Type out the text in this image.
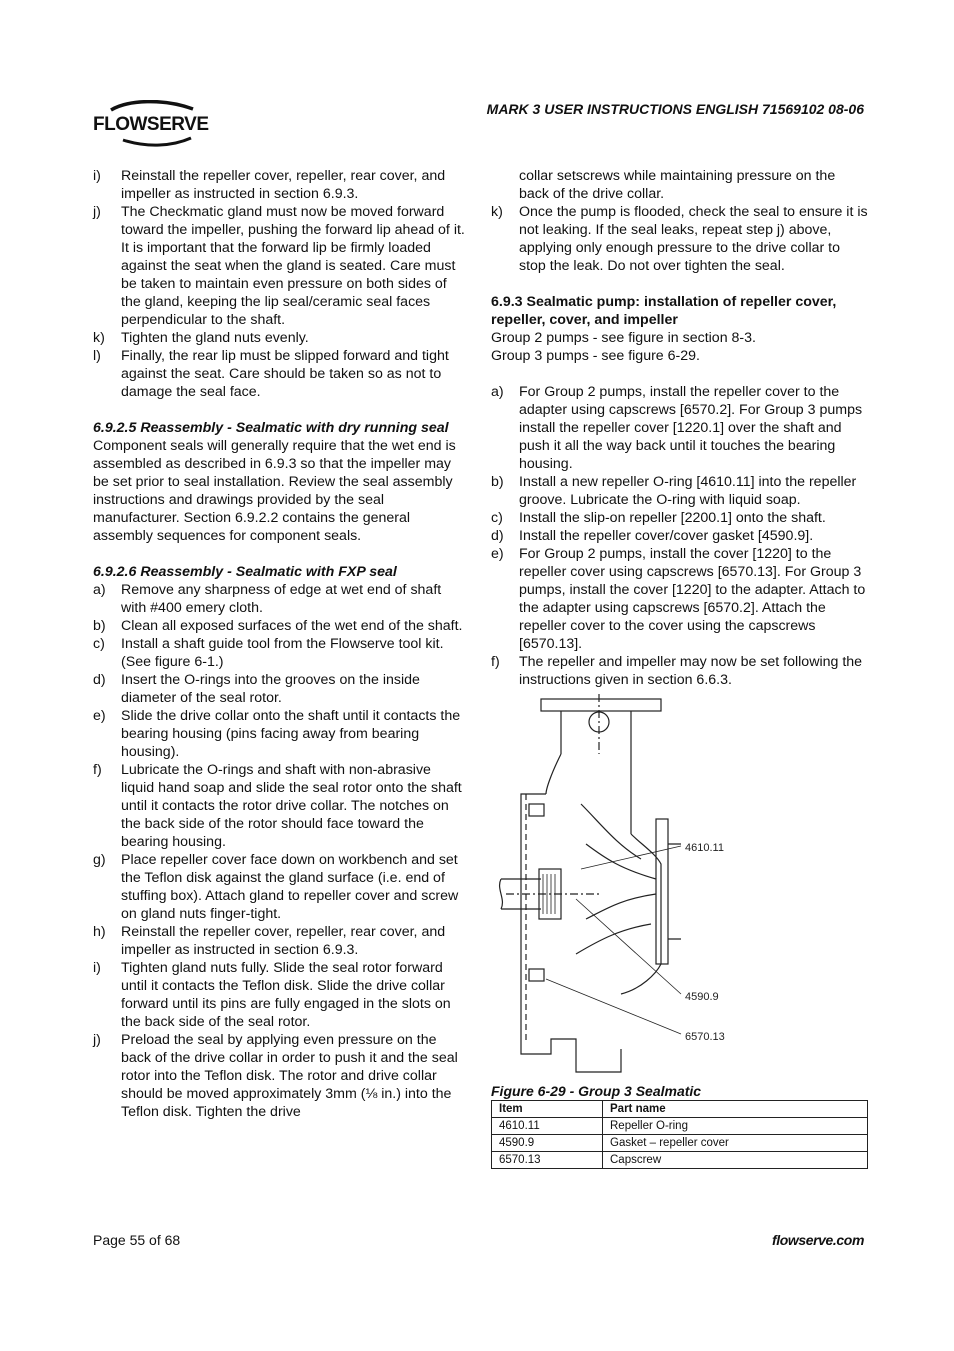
FLOWSERVE
MARK 3 USER INSTRUCTIONS ENGLISH 71569102 08-06
i) Reinstall the repeller cover, repeller, rear cover, and impeller as instructed in section 6.9.3.
j) The Checkmatic gland must now be moved forward toward the impeller, pushing the forward lip ahead of it. It is important that the forward lip be firmly loaded against the seat when the gland is seated. Care must be taken to maintain even pressure on both sides of the gland, keeping the lip seal/ceramic seal faces perpendicular to the shaft.
k) Tighten the gland nuts evenly.
l) Finally, the rear lip must be slipped forward and tight against the seat. Care should be taken so as not to damage the seal face.
6.9.2.5 Reassembly - Sealmatic with dry running seal

Component seals will generally require that the wet end is assembled as described in 6.9.3 so that the impeller may be set prior to seal installation. Review the seal assembly instructions and drawings provided by the seal manufacturer. Section 6.9.2.2 contains the general assembly sequences for component seals.

6.9.2.6 Reassembly - Sealmatic with FXP seal
a) Remove any sharpness of edge at wet end of shaft with #400 emery cloth.
b) Clean all exposed surfaces of the wet end of the shaft.
c) Install a shaft guide tool from the Flowserve tool kit. (See figure 6-1.)
d) Insert the O-rings into the grooves on the inside diameter of the seal rotor.
e) Slide the drive collar onto the shaft until it contacts the bearing housing (pins facing away from bearing housing).
f) Lubricate the O-rings and shaft with non-abrasive liquid hand soap and slide the seal rotor onto the shaft until it contacts the rotor drive collar. The notches on the back side of the rotor should face toward the bearing housing.
g) Place repeller cover face down on workbench and set the Teflon disk against the gland surface (i.e. end of stuffing box). Attach gland to repeller cover and screw on gland nuts finger-tight.
h) Reinstall the repeller cover, repeller, rear cover, and impeller as instructed in section 6.9.3.
i) Tighten gland nuts fully. Slide the seal rotor forward until it contacts the Teflon disk. Slide the drive collar forward until its pins are fully engaged in the slots on the back side of the seal rotor.
j) Preload the seal by applying even pressure on the back of the drive collar in order to push it and the seal rotor into the Teflon disk. The rotor and drive collar should be moved approximately 3mm (⅛ in.) into the Teflon disk. Tighten the drive
collar setscrews while maintaining pressure on the back of the drive collar.
k) Once the pump is flooded, check the seal to ensure it is not leaking. If the seal leaks, repeat step j) above, applying only enough pressure to the drive collar to stop the leak. Do not over tighten the seal.
6.9.3 Sealmatic pump: installation of repeller cover, repeller, cover, and impeller
Group 2 pumps - see figure in section 8-3.
Group 3 pumps - see figure 6-29.
a) For Group 2 pumps, install the repeller cover to the adapter using capscrews [6570.2]. For Group 3 pumps install the repeller cover [1220.1] over the shaft and push it all the way back until it touches the bearing housing.
b) Install a new repeller O-ring [4610.11] into the repeller groove. Lubricate the O-ring with liquid soap.
c) Install the slip-on repeller [2200.1] onto the shaft.
d) Install the repeller cover/cover gasket [4590.9].
e) For Group 2 pumps, install the cover [1220] to the repeller cover using capscrews [6570.13]. For Group 3 pumps, install the cover [1220] to the adapter. Attach to the adapter using capscrews [6570.2]. Attach the repeller cover to the cover using the capscrews [6570.13].
f) The repeller and impeller may now be set following the instructions given in section 6.6.3.
4610.11
4590.9
6570.13
Figure 6-29 - Group 3 Sealmatic
Item	Part name
4610.11	Repeller O-ring
4590.9	Gasket – repeller cover
6570.13	Capscrew
Page 55 of 68	flowserve.com
